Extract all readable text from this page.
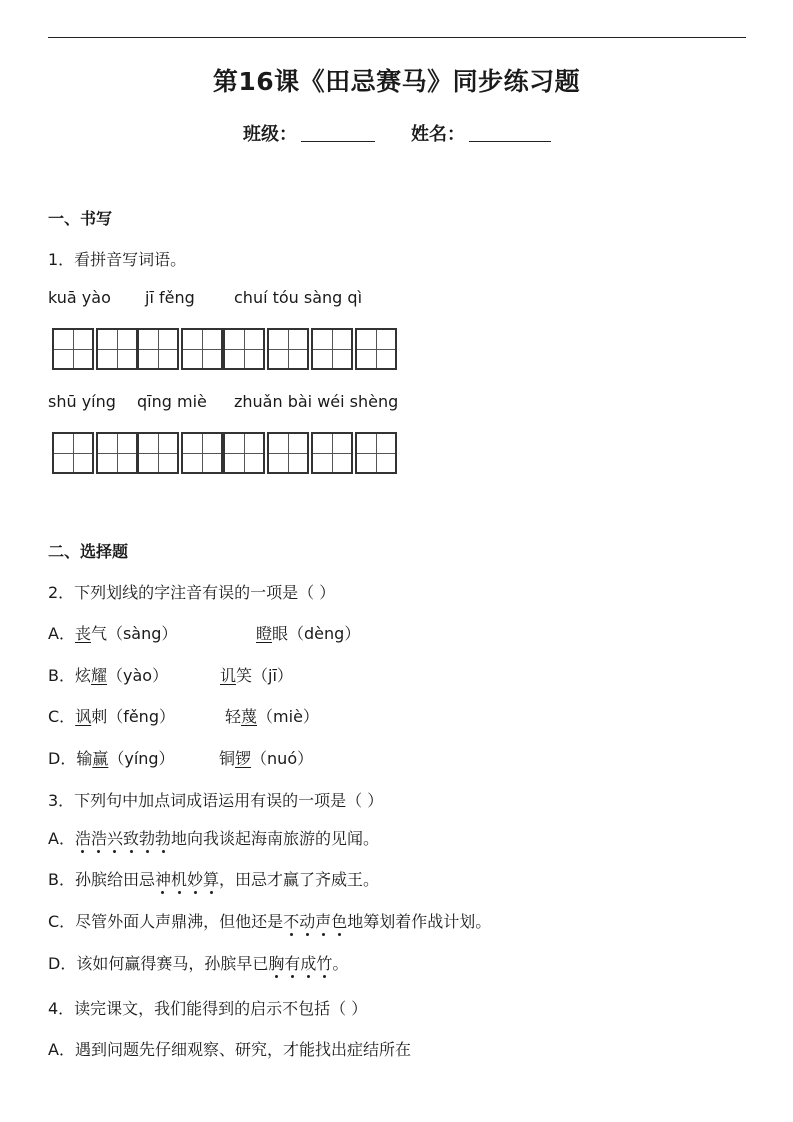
第16课《田忌赛马》同步练习题
班级：	姓名：
一、书写
1．看拼音写词语。
kuā yào jī fěng chuí tóu sàng qì
shū yíng qīng miè zhuǎn bài wéi shèng
二、选择题
2．下列划线的字注音有误的一项是（ ）
A．丧气（sàng）	瞪眼（dèng）
B．炫耀（yào）	讥笑（jī）
C．讽刺（fěng）	轻蔑（miè）
D．输赢（yíng）	铜锣（nuó）
3．下列句中加点词成语运用有误的一项是（ ）
A．浩浩兴致勃勃地向我谈起海南旅游的见闻。
B．孙膑给田忌神机妙算，田忌才赢了齐威王。
C．尽管外面人声鼎沸，但他还是不动声色地筹划着作战计划。
D．该如何赢得赛马，孙膑早已胸有成竹。
4．读完课文，我们能得到的启示不包括（ ）
A．遇到问题先仔细观察、研究，才能找出症结所在
